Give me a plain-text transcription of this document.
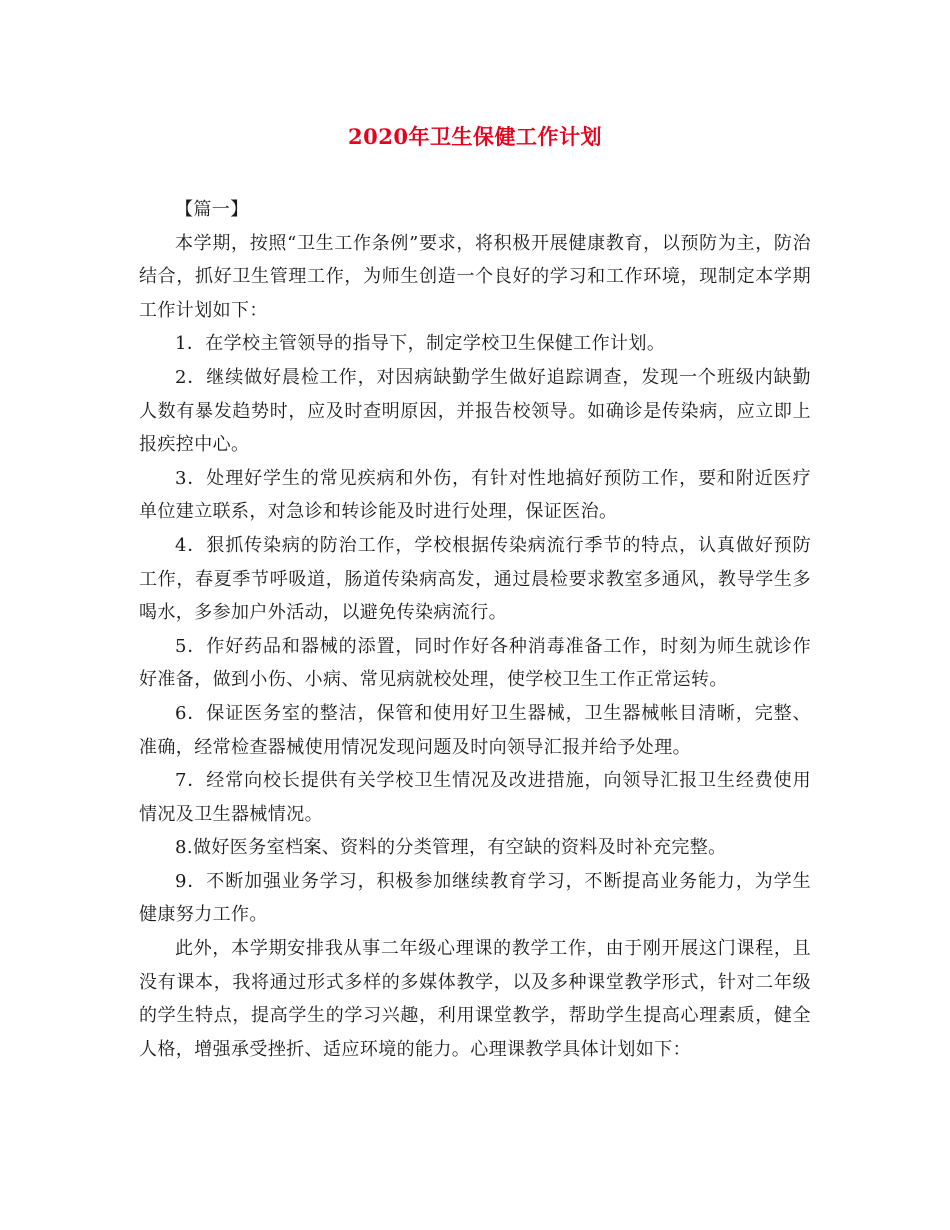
2020年卫生保健工作计划

【篇一】

本学期，按照“卫生工作条例”要求，将积极开展健康教育，以预防为主，防治结合，抓好卫生管理工作，为师生创造一个良好的学习和工作环境，现制定本学期工作计划如下：

1．在学校主管领导的指导下，制定学校卫生保健工作计划。

2．继续做好晨检工作，对因病缺勤学生做好追踪调查，发现一个班级内缺勤人数有暴发趋势时，应及时查明原因，并报告校领导。如确诊是传染病，应立即上报疾控中心。

3．处理好学生的常见疾病和外伤，有针对性地搞好预防工作，要和附近医疗单位建立联系，对急诊和转诊能及时进行处理，保证医治。

4．狠抓传染病的防治工作，学校根据传染病流行季节的特点，认真做好预防工作，春夏季节呼吸道，肠道传染病高发，通过晨检要求教室多通风，教导学生多喝水，多参加户外活动，以避免传染病流行。

5．作好药品和器械的添置，同时作好各种消毒准备工作，时刻为师生就诊作好准备，做到小伤、小病、常见病就校处理，使学校卫生工作正常运转。

6．保证医务室的整洁，保管和使用好卫生器械，卫生器械帐目清晰，完整、准确，经常检查器械使用情况发现问题及时向领导汇报并给予处理。

7．经常向校长提供有关学校卫生情况及改进措施，向领导汇报卫生经费使用情况及卫生器械情况。

8.做好医务室档案、资料的分类管理，有空缺的资料及时补充完整。

9．不断加强业务学习，积极参加继续教育学习，不断提高业务能力，为学生健康努力工作。

此外，本学期安排我从事二年级心理课的教学工作，由于刚开展这门课程，且没有课本，我将通过形式多样的多媒体教学，以及多种课堂教学形式，针对二年级的学生特点，提高学生的学习兴趣，利用课堂教学，帮助学生提高心理素质，健全人格，增强承受挫折、适应环境的能力。心理课教学具体计划如下：
